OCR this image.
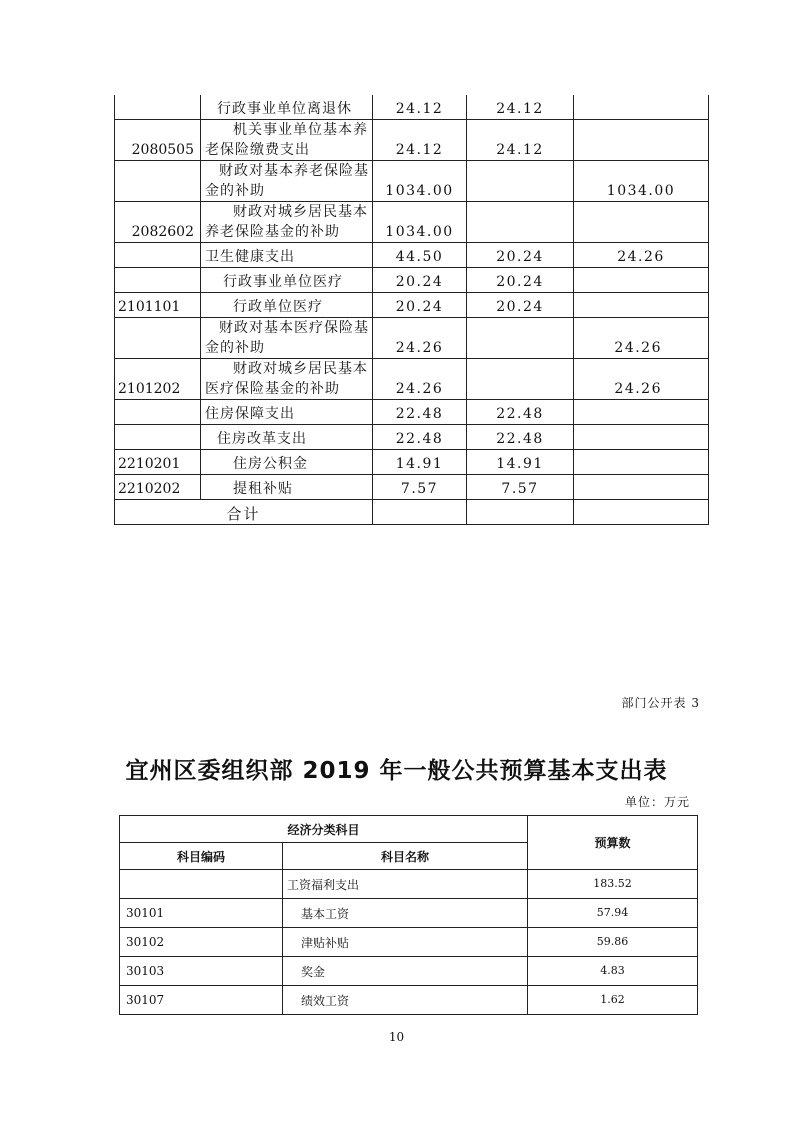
	行政事业单位离退休	24.12	24.12	
2080505	机关事业单位基本养
老保险缴费支出	24.12	24.12	

	财政对基本养老保险基
金的补助	1034.00		1034.00
2082602	财政对城乡居民基本
养老保险基金的补助	1034.00		
	卫生健康支出	44.50	20.24	24.26
	行政事业单位医疗	20.24	20.24	
2101101	行政单位医疗	20.24	20.24	

	财政对基本医疗保险基
金的补助	24.26		24.26
2101202	财政对城乡居民基本
医疗保险基金的补助	24.26		24.26
	住房保障支出	22.48	22.48	
	住房改革支出	22.48	22.48	
2210201	住房公积金	14.91	14.91	
2210202	提租补贴	7.57	7.57	
合计				
部门公开表 3
宜州区委组织部 2019 年一般公共预算基本支出表
单位：万元
经济分类科目		预算数
科目编码	科目名称	
	工资福利支出	183.52
30101	基本工资	57.94
30102	津贴补贴	59.86
30103	奖金	4.83
30107	绩效工资	1.62
10
